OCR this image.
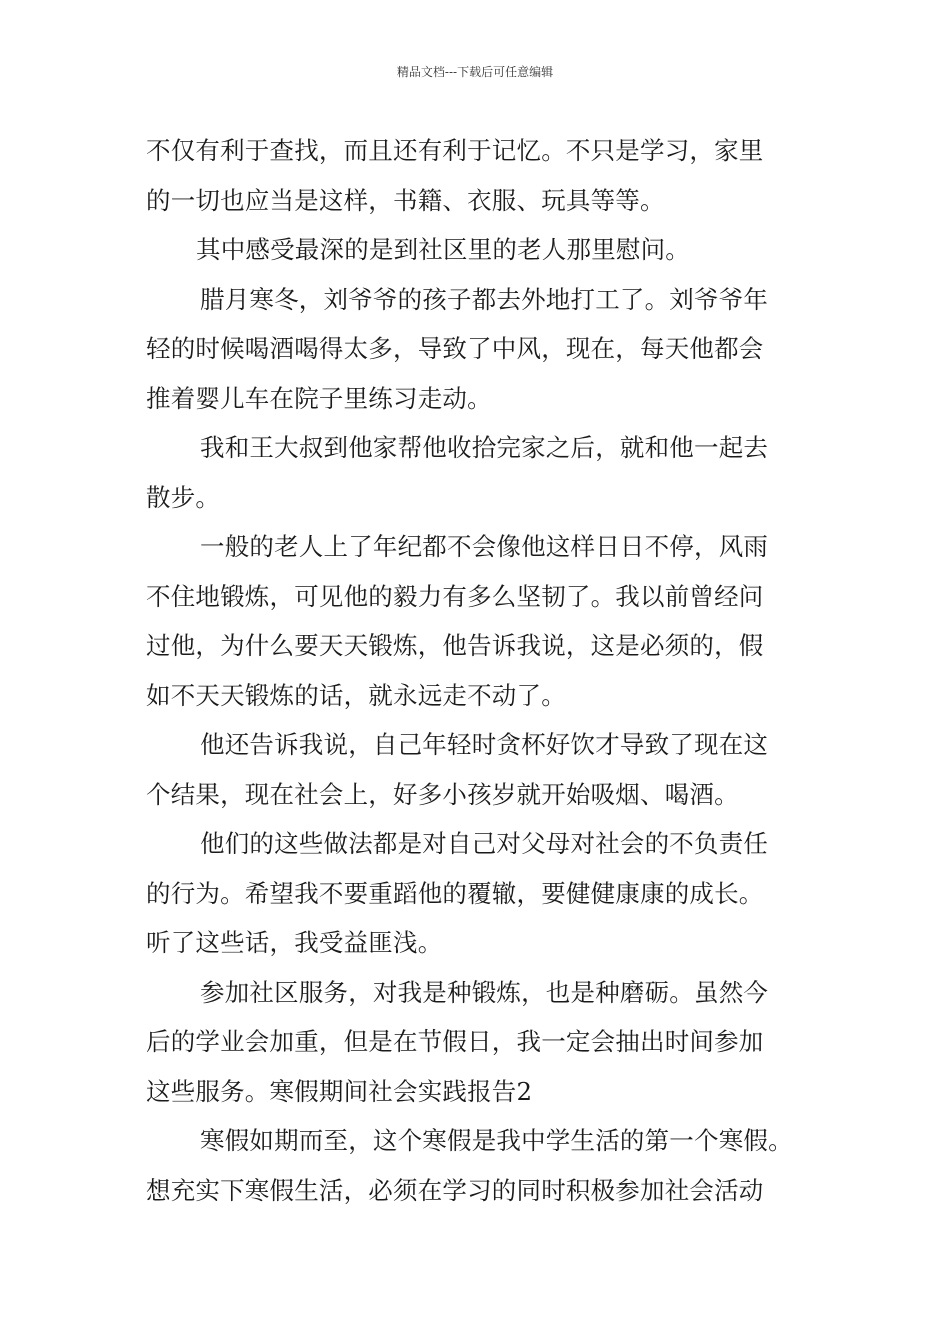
精品文档---下载后可任意编辑
不仅有利于查找，而且还有利于记忆。不只是学习，家里
的一切也应当是这样，书籍、衣服、玩具等等。
其中感受最深的是到社区里的老人那里慰问。
腊月寒冬，刘爷爷的孩子都去外地打工了。刘爷爷年
轻的时候喝酒喝得太多，导致了中风，现在，每天他都会
推着婴儿车在院子里练习走动。
我和王大叔到他家帮他收拾完家之后，就和他一起去
散步。
一般的老人上了年纪都不会像他这样日日不停，风雨
不住地锻炼，可见他的毅力有多么坚韧了。我以前曾经问
过他，为什么要天天锻炼，他告诉我说，这是必须的，假
如不天天锻炼的话，就永远走不动了。
他还告诉我说，自己年轻时贪杯好饮才导致了现在这
个结果，现在社会上，好多小孩岁就开始吸烟、喝酒。
他们的这些做法都是对自己对父母对社会的不负责任
的行为。希望我不要重蹈他的覆辙，要健健康康的成长。
听了这些话，我受益匪浅。
参加社区服务，对我是种锻炼，也是种磨砺。虽然今
后的学业会加重，但是在节假日，我一定会抽出时间参加
这些服务。寒假期间社会实践报告2
寒假如期而至，这个寒假是我中学生活的第一个寒假。
想充实下寒假生活，必须在学习的同时积极参加社会活动
